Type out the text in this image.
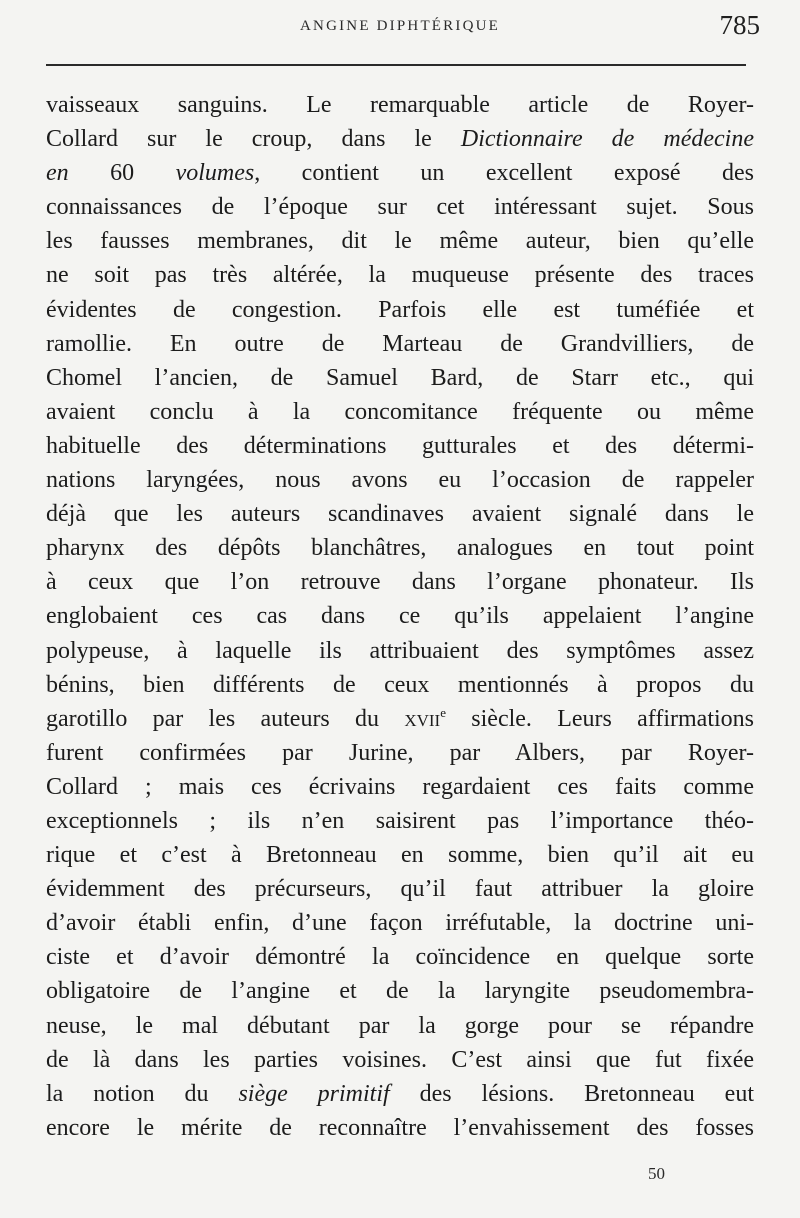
ANGINE DIPHTÉRIQUE	785
vaisseaux sanguins. Le remarquable article de Royer-
Collard sur le croup, dans le Dictionnaire de médecine
en 60 volumes, contient un excellent exposé des
connaissances de l’époque sur cet intéressant sujet. Sous
les fausses membranes, dit le même auteur, bien qu’elle
ne soit pas très altérée, la muqueuse présente des traces
évidentes de congestion. Parfois elle est tuméfiée et
ramollie. En outre de Marteau de Grandvilliers, de
Chomel l’ancien, de Samuel Bard, de Starr etc., qui
avaient conclu à la concomitance fréquente ou même
habituelle des déterminations gutturales et des détermi-
nations laryngées, nous avons eu l’occasion de rappeler
déjà que les auteurs scandinaves avaient signalé dans le
pharynx des dépôts blanchâtres, analogues en tout point
à ceux que l’on retrouve dans l’organe phonateur. Ils
englobaient ces cas dans ce qu’ils appelaient l’angine
polypeuse, à laquelle ils attribuaient des symptômes assez
bénins, bien différents de ceux mentionnés à propos du
garotillo par les auteurs du xvii$^e$ siècle. Leurs affirmations
furent confirmées par Jurine, par Albers, par Royer-
Collard ; mais ces écrivains regardaient ces faits comme
exceptionnels ; ils n’en saisirent pas l’importance théo-
rique et c’est à Bretonneau en somme, bien qu’il ait eu
évidemment des précurseurs, qu’il faut attribuer la gloire
d’avoir établi enfin, d’une façon irréfutable, la doctrine uni-
ciste et d’avoir démontré la coïncidence en quelque sorte
obligatoire de l’angine et de la laryngite pseudomembra-
neuse, le mal débutant par la gorge pour se répandre
de là dans les parties voisines. C’est ainsi que fut fixée
la notion du siège primitif des lésions. Bretonneau eut
encore le mérite de reconnaître l’envahissement des fosses
50
